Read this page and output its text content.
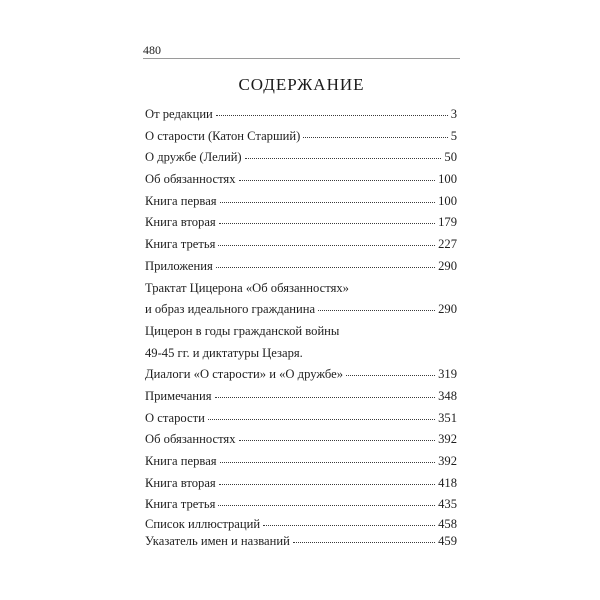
480
СОДЕРЖАНИЕ
От редакции	3
О старости (Катон Старший)	5
О дружбе (Лелий)	50
Об обязанностях	100
Книга первая	100
Книга вторая	179
Книга третья	227
Приложения	290
Трактат Цицерона «Об обязанностях»
и образ идеального гражданина	290
Цицерон в годы гражданской войны
49-45 гг. и диктатуры Цезаря.
Диалоги «О старости» и «О дружбе»	319
Примечания	348
О старости	351
Об обязанностях	392
Книга первая	392
Книга вторая	418
Книга третья	435
Список иллюстраций	458
Указатель имен и названий	459
